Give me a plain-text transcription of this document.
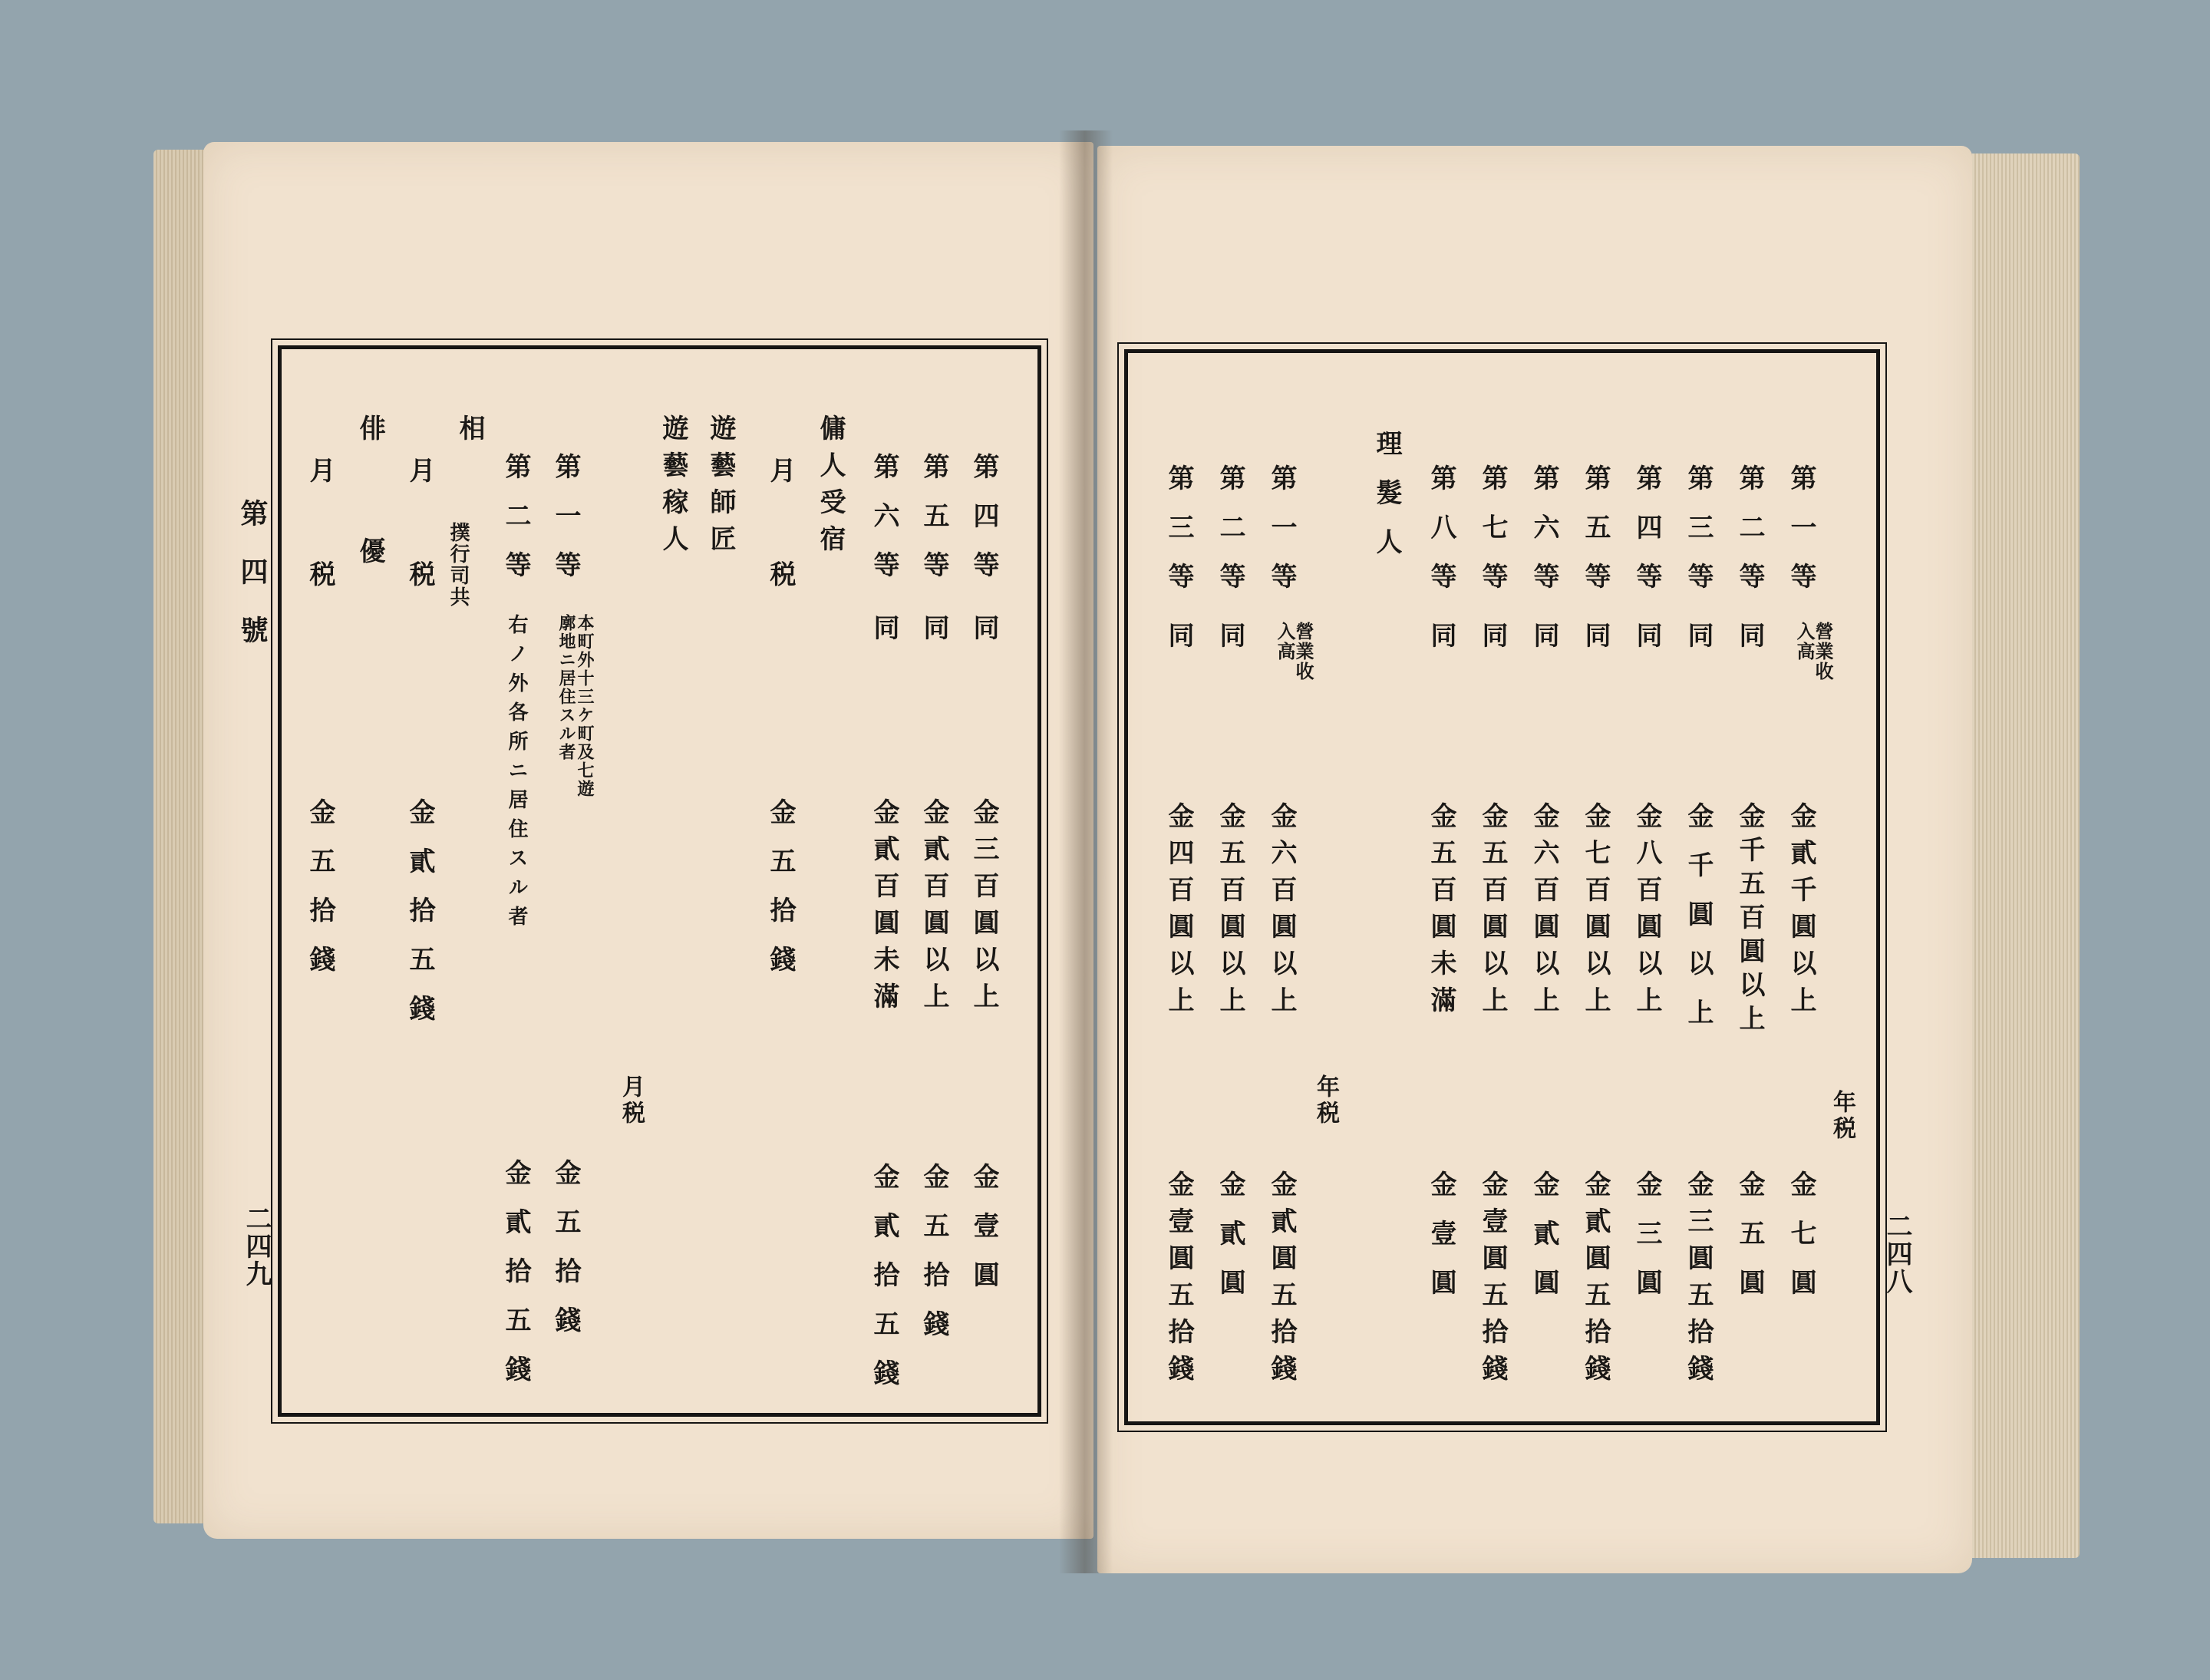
第四號
二四九
第四等
同
金三百圓以上
金壹圓
第五等
同
金貳百圓以上
金五拾錢
第六等
同
金貳百圓未滿
金貳拾五錢
傭人受宿
月
税
金五拾錢
遊藝師匠
遊藝稼人
第一等
本町外十三ケ町及七遊廓地ニ居住スル者
金五拾錢
月税
第二等
右ノ外各所ニ居住スル者
金貳拾五錢
相
撲行司共
月
税
金貳拾五錢
俳
優
月
税
金五拾錢
二四八
年税
第一等
營業收入高
金貳千圓以上
金七圓
第二等
同
金千五百圓以上
金五圓
第三等
同
金千圓以上
金三圓五拾錢
第四等
同
金八百圓以上
金三圓
第五等
同
金七百圓以上
金貳圓五拾錢
第六等
同
金六百圓以上
金貳圓
第七等
同
金五百圓以上
金壹圓五拾錢
第八等
同
金五百圓未滿
金壹圓
理髮人
年税
第一等
營業收入高
金六百圓以上
金貳圓五拾錢
第二等
同
金五百圓以上
金貳圓
第三等
同
金四百圓以上
金壹圓五拾錢
